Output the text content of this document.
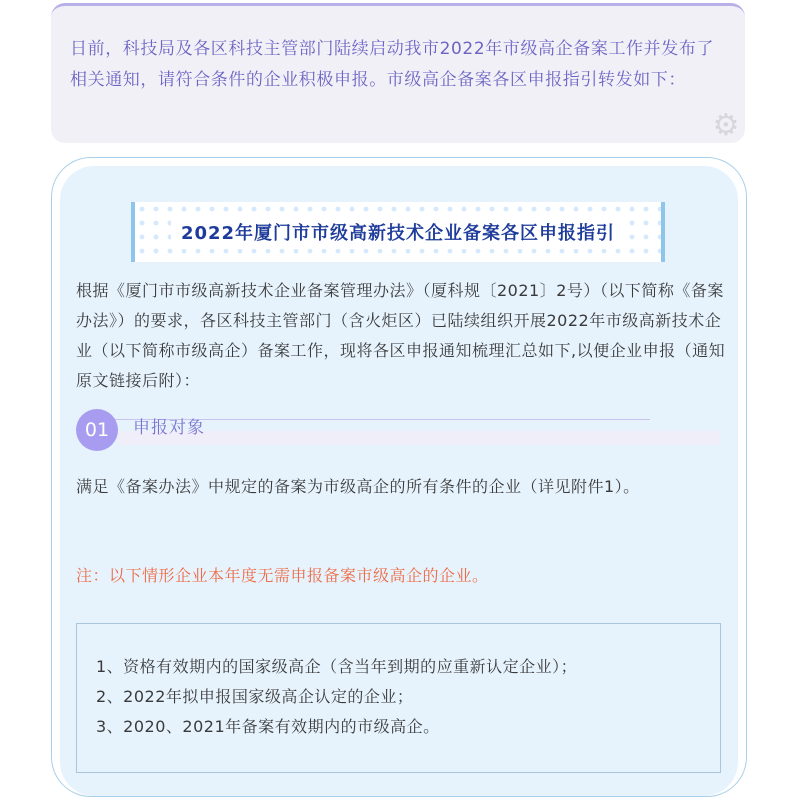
日前，科技局及各区科技主管部门陆续启动我市2022年市级高企备案工作并发布了相关通知，请符合条件的企业积极申报。市级高企备案各区申报指引转发如下：

⚙
2022年厦门市市级高新技术企业备案各区申报指引

根据《厦门市市级高新技术企业备案管理办法》（厦科规〔2021〕2号）（以下简称《备案办法》）的要求，各区科技主管部门（含火炬区）已陆续组织开展2022年市级高新技术企业（以下简称市级高企）备案工作，现将各区申报通知梳理汇总如下,以便企业申报（通知原文链接后附）：

01	申报对象

满足《备案办法》中规定的备案为市级高企的所有条件的企业（详见附件1）。

注：以下情形企业本年度无需申报备案市级高企的企业。

1、资格有效期内的国家级高企（含当年到期的应重新认定企业）；
2、2022年拟申报国家级高企认定的企业；
3、2020、2021年备案有效期内的市级高企。
